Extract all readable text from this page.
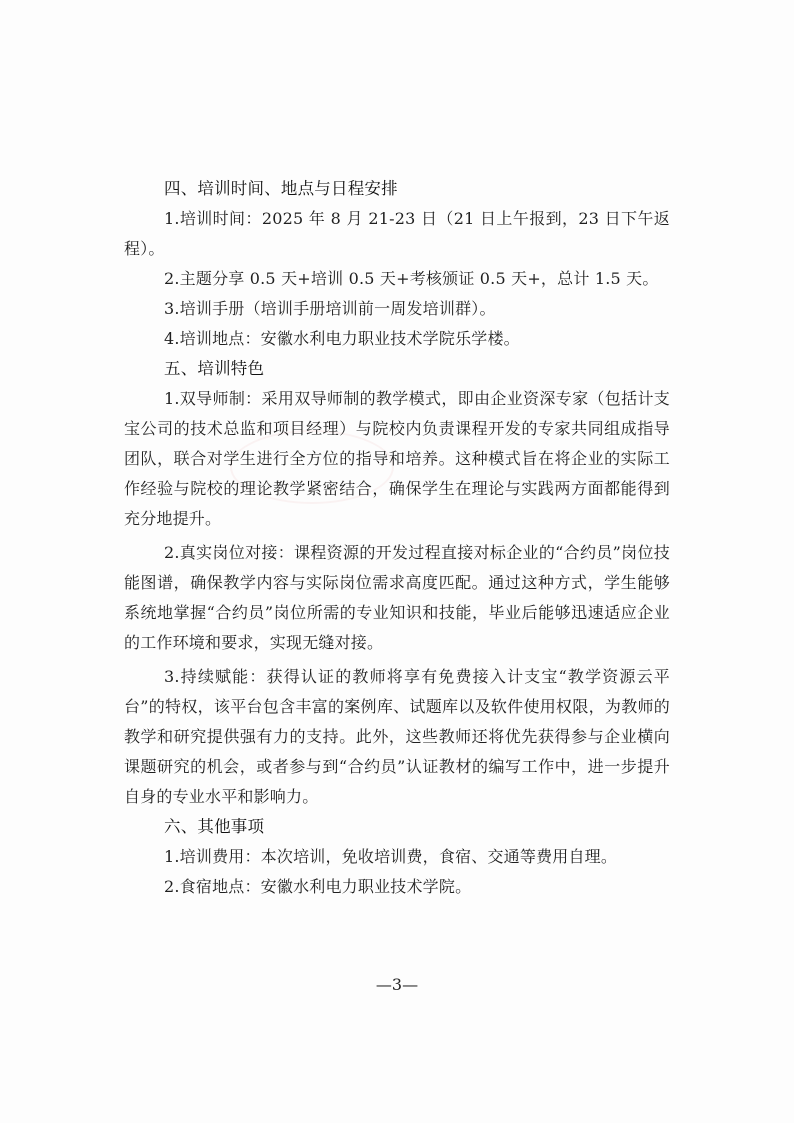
四、培训时间、地点与日程安排

1.培训时间：2025 年 8 月 21-23 日（21 日上午报到，23 日下午返程）。

2.主题分享 0.5 天+培训 0.5 天+考核颁证 0.5 天+，总计 1.5 天。

3.培训手册（培训手册培训前一周发培训群）。

4.培训地点：安徽水利电力职业技术学院乐学楼。

五、培训特色

1.双导师制：采用双导师制的教学模式，即由企业资深专家（包括计支宝公司的技术总监和项目经理）与院校内负责课程开发的专家共同组成指导团队，联合对学生进行全方位的指导和培养。这种模式旨在将企业的实际工作经验与院校的理论教学紧密结合，确保学生在理论与实践两方面都能得到充分地提升。

2.真实岗位对接：课程资源的开发过程直接对标企业的“合约员”岗位技能图谱，确保教学内容与实际岗位需求高度匹配。通过这种方式，学生能够系统地掌握“合约员”岗位所需的专业知识和技能，毕业后能够迅速适应企业的工作环境和要求，实现无缝对接。

3.持续赋能：获得认证的教师将享有免费接入计支宝“教学资源云平台”的特权，该平台包含丰富的案例库、试题库以及软件使用权限，为教师的教学和研究提供强有力的支持。此外，这些教师还将优先获得参与企业横向课题研究的机会，或者参与到“合约员”认证教材的编写工作中，进一步提升自身的专业水平和影响力。

六、其他事项

1.培训费用：本次培训，免收培训费，食宿、交通等费用自理。

2.食宿地点：安徽水利电力职业技术学院。

—3—
